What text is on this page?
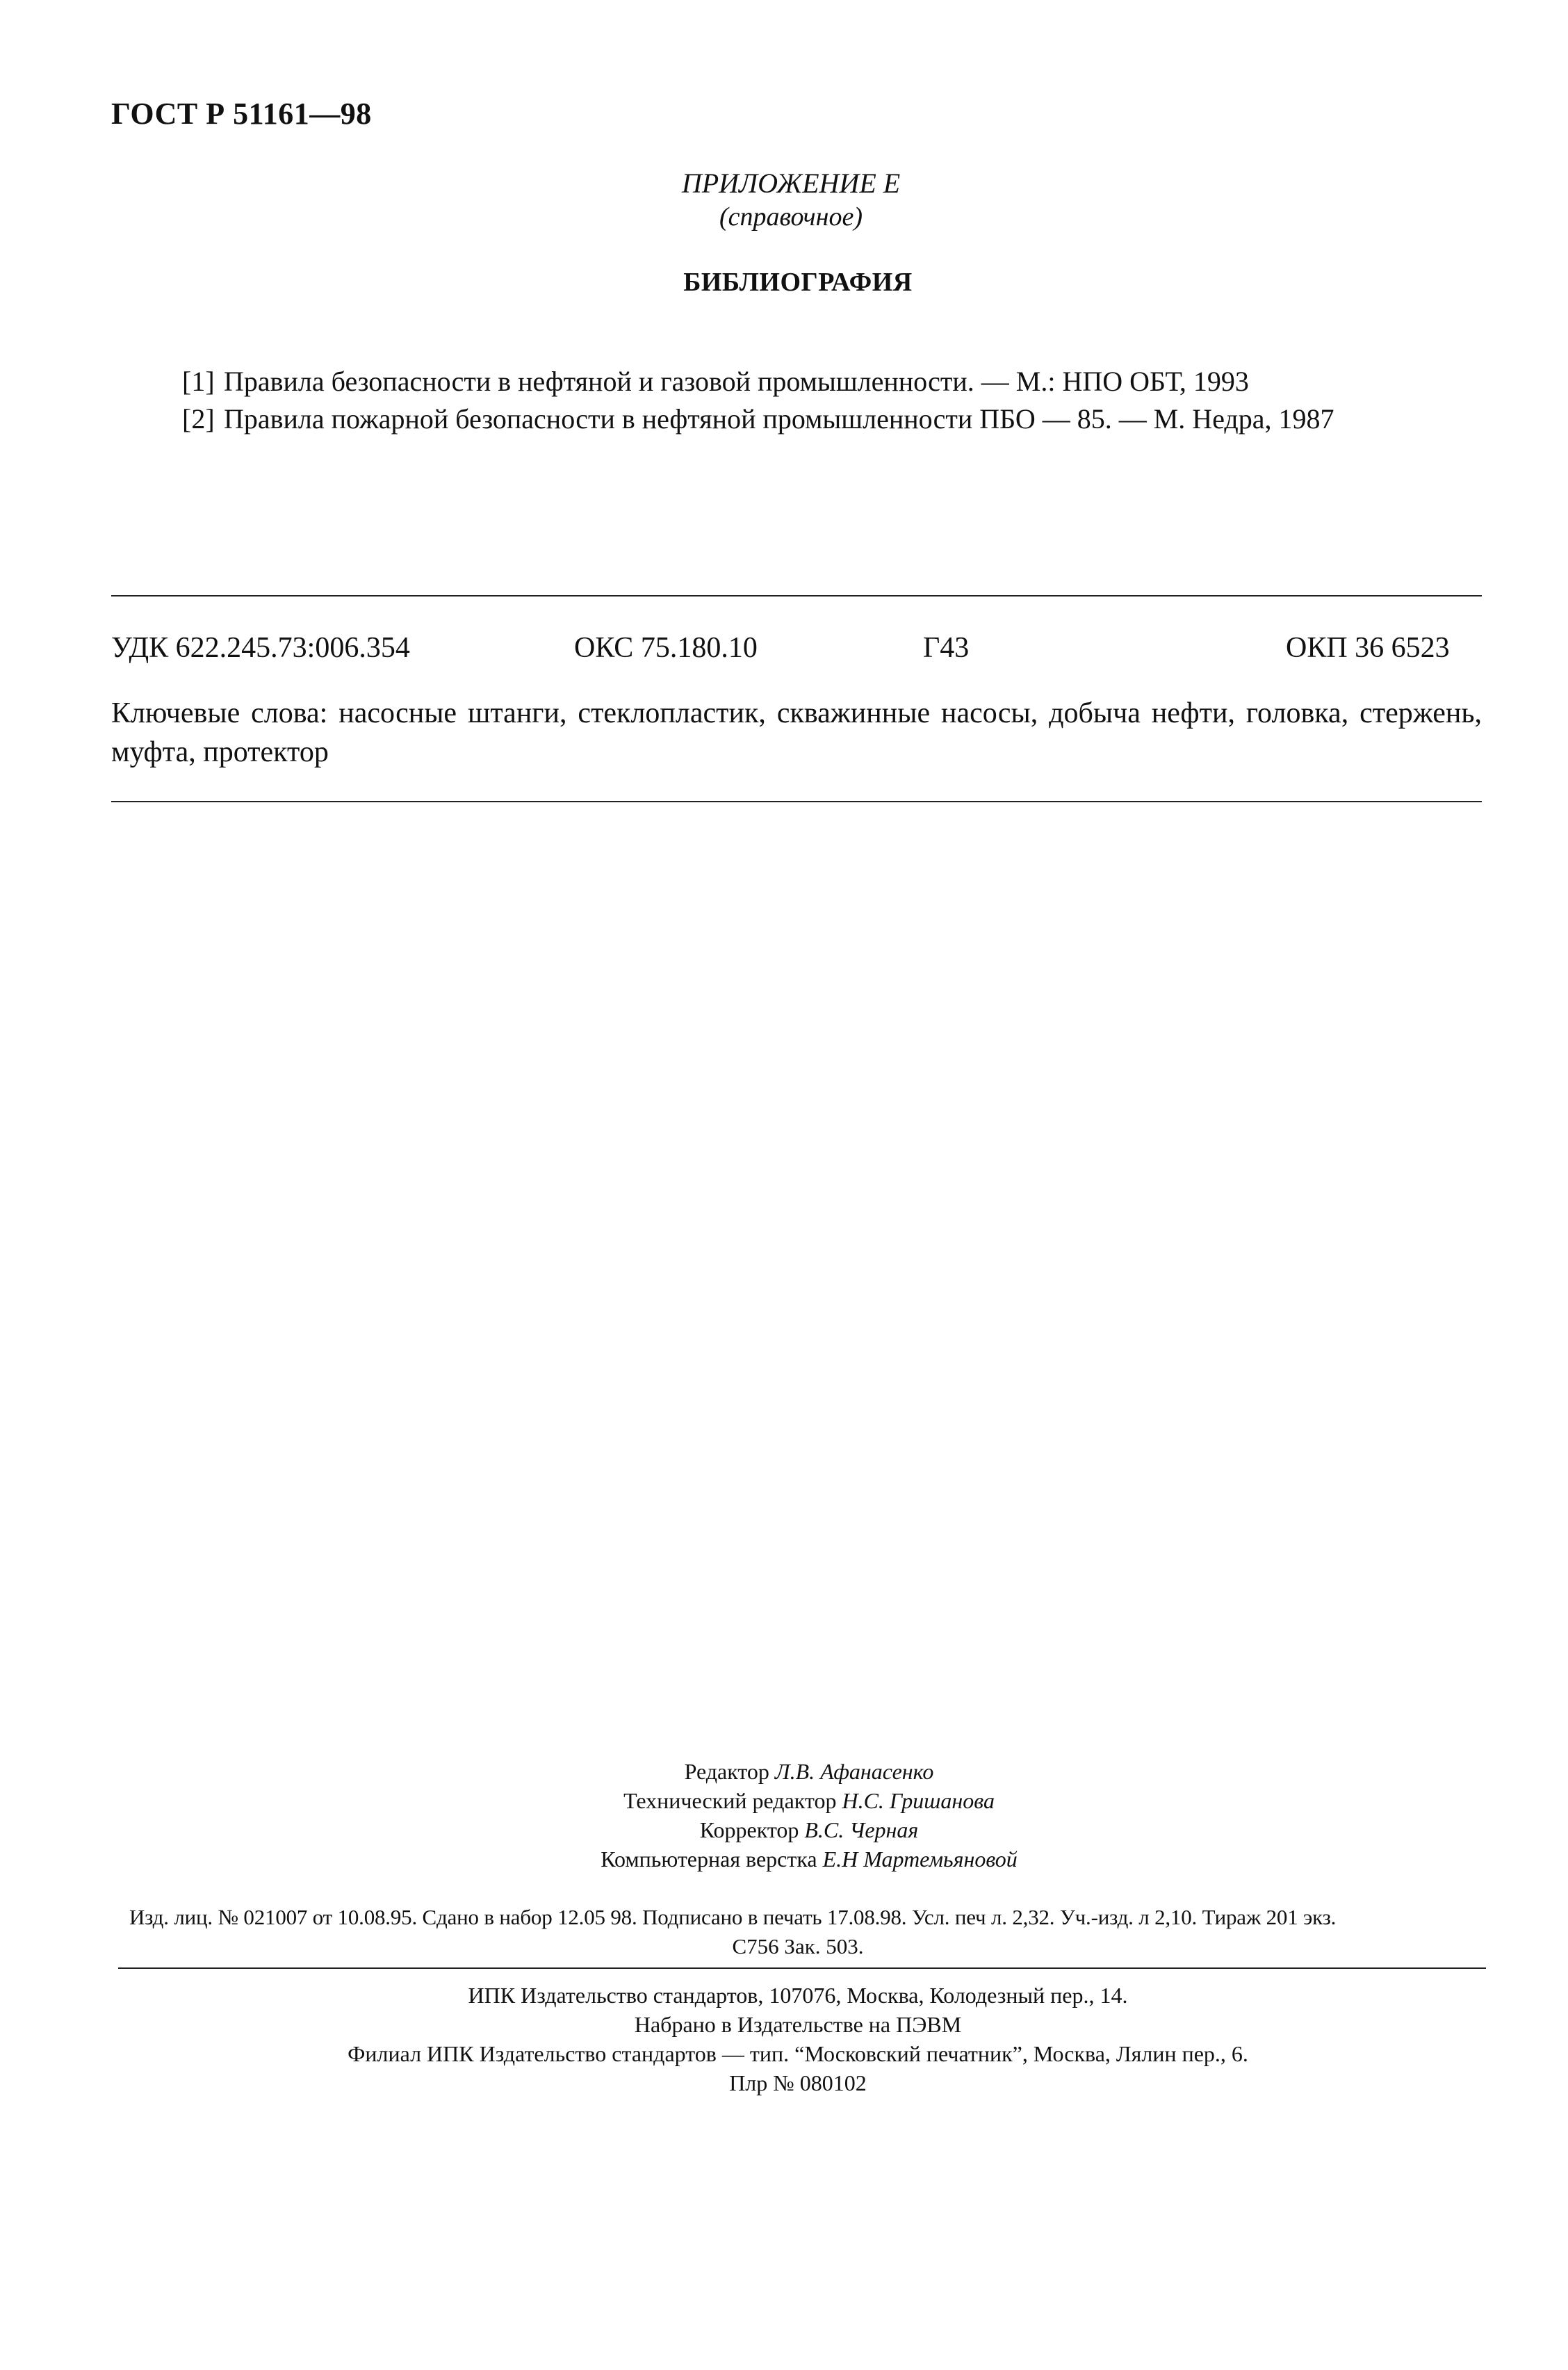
ГОСТ Р 51161—98
ПРИЛОЖЕНИЕ Е
(справочное)
БИБЛИОГРАФИЯ
[1] Правила безопасности в нефтяной и газовой промышленности. — М.: НПО ОБТ, 1993
[2] Правила пожарной безопасности в нефтяной промышленности ПБО — 85. — М. Недра, 1987
УДК 622.245.73:006.354	ОКС 75.180.10	Г43	ОКП 36 6523
Ключевые слова: насосные штанги, стеклопластик, скважинные насосы, добыча нефти, головка, стержень, муфта, протектор
Редактор Л.В. Афанасенко
Технический редактор Н.С. Гришанова
Корректор В.С. Черная
Компьютерная верстка Е.Н Мартемьяновой
Изд. лиц. № 021007 от 10.08.95. Сдано в набор 12.05 98. Подписано в печать 17.08.98. Усл. печ л. 2,32. Уч.-изд. л 2,10. Тираж 201 экз.
С756 Зак. 503.
ИПК Издательство стандартов, 107076, Москва, Колодезный пер., 14.
Набрано в Издательстве на ПЭВМ
Филиал ИПК Издательство стандартов — тип. “Московский печатник”, Москва, Лялин пер., 6.
Плр № 080102
